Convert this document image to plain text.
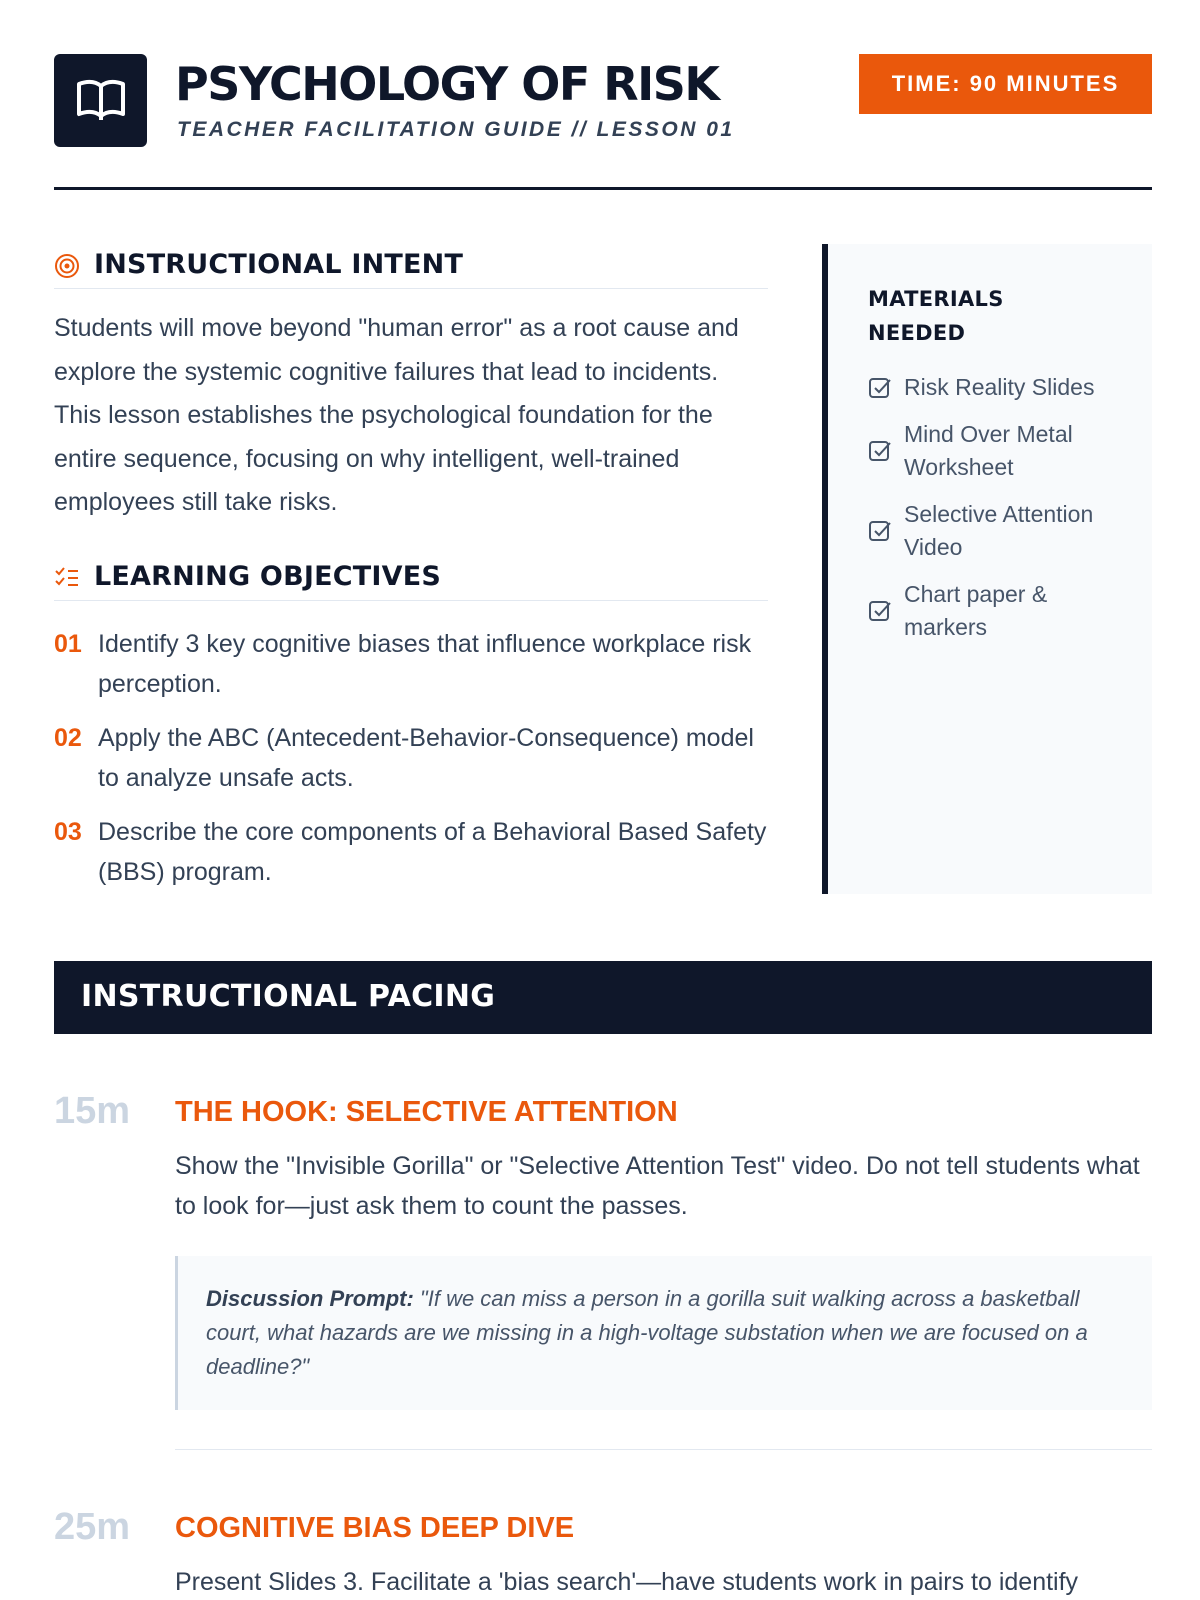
PSYCHOLOGY OF RISK
TEACHER FACILITATION GUIDE // LESSON 01
TIME: 90 MINUTES
INSTRUCTIONAL INTENT

Students will move beyond "human error" as a root cause and explore the systemic cognitive failures that lead to incidents. This lesson establishes the psychological foundation for the entire sequence, focusing on why intelligent, well-trained employees still take risks.

LEARNING OBJECTIVES
01 Identify 3 key cognitive biases that influence workplace risk perception.
02 Apply the ABC (Antecedent-Behavior-Consequence) model to analyze unsafe acts.
03 Describe the core components of a Behavioral Based Safety (BBS) program.
MATERIALS NEEDED
Risk Reality Slides
Mind Over Metal Worksheet
Selective Attention Video
Chart paper & markers
INSTRUCTIONAL PACING
15m THE HOOK: SELECTIVE ATTENTION
Show the "Invisible Gorilla" or "Selective Attention Test" video. Do not tell students what to look for—just ask them to count the passes.
Discussion Prompt: "If we can miss a person in a gorilla suit walking across a basketball court, what hazards are we missing in a high-voltage substation when we are focused on a deadline?"
25m COGNITIVE BIAS DEEP DIVE
Present Slides 3. Facilitate a 'bias search'—have students work in pairs to identify
